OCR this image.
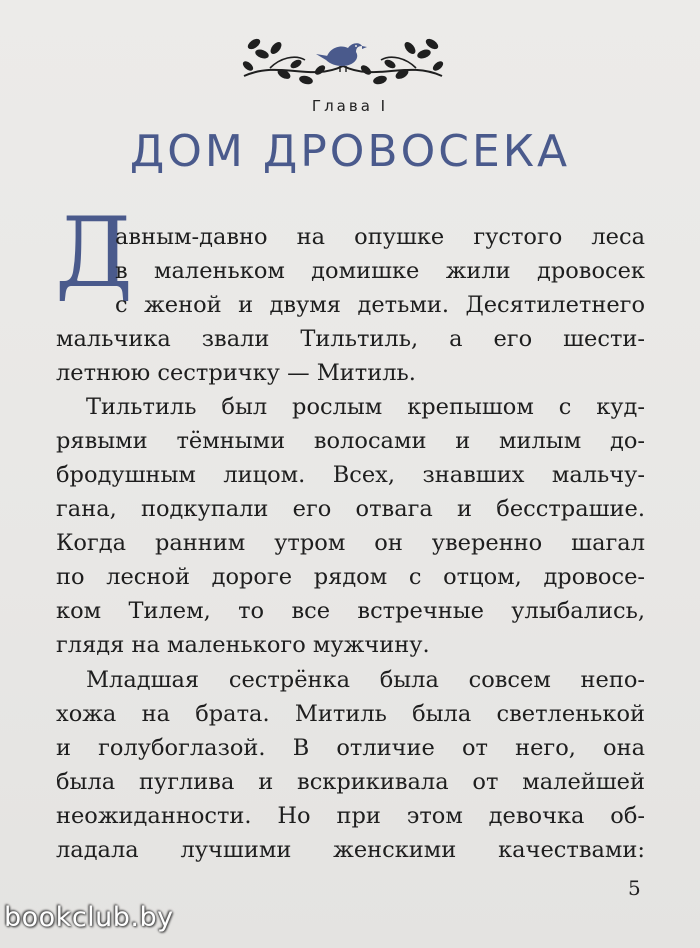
Глава I
ДОМ ДРОВОСЕКА
Д
авным-давно на опушке густого леса
в маленьком домишке жили дровосек
с женой и двумя детьми. Десятилетнего
мальчика звали Тильтиль, а его шести-
летнюю сестричку — Митиль.
Тильтиль был рослым крепышом с куд-
рявыми тёмными волосами и милым до-
бродушным лицом. Всех, знавших мальчу-
гана, подкупали его отвага и бесстрашие.
Когда ранним утром он уверенно шагал
по лесной дороге рядом с отцом, дровосе-
ком Тилем, то все встречные улыбались,
глядя на маленького мужчину.
Младшая сестрёнка была совсем непо-
хожа на брата. Митиль была светленькой
и голубоглазой. В отличие от него, она
была пуглива и вскрикивала от малейшей
неожиданности. Но при этом девочка об-
ладала лучшими женскими качествами:
5
bookclub.by
